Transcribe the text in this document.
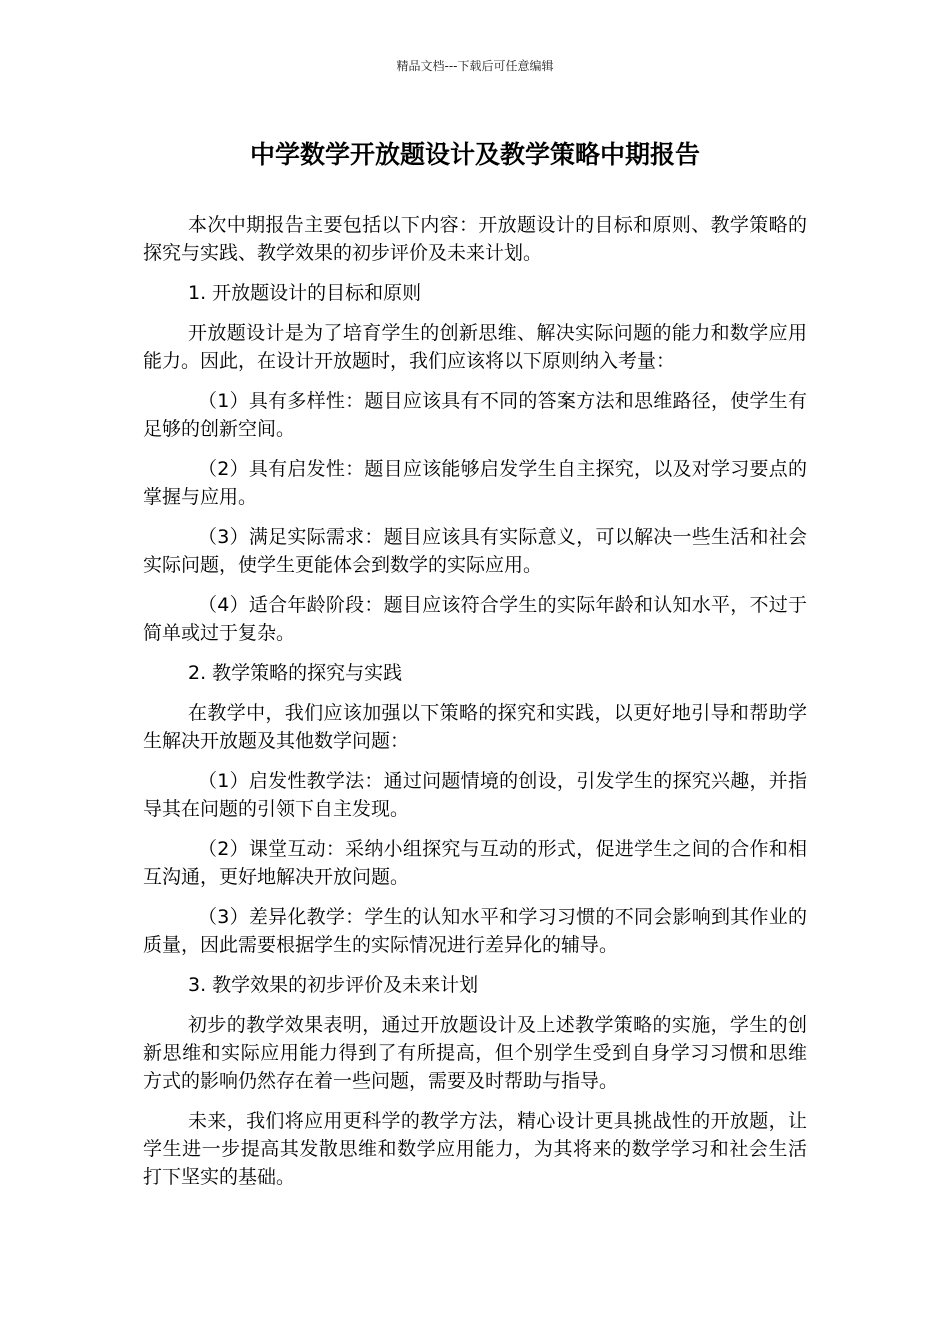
精品文档---下载后可任意编辑
中学数学开放题设计及教学策略中期报告

本次中期报告主要包括以下内容：开放题设计的目标和原则、教学策略的探究与实践、教学效果的初步评价及未来计划。

1. 开放题设计的目标和原则

开放题设计是为了培育学生的创新思维、解决实际问题的能力和数学应用能力。因此，在设计开放题时，我们应该将以下原则纳入考量：

（1）具有多样性：题目应该具有不同的答案方法和思维路径，使学生有足够的创新空间。

（2）具有启发性：题目应该能够启发学生自主探究，以及对学习要点的掌握与应用。

（3）满足实际需求：题目应该具有实际意义，可以解决一些生活和社会实际问题，使学生更能体会到数学的实际应用。

（4）适合年龄阶段：题目应该符合学生的实际年龄和认知水平，不过于简单或过于复杂。

2. 教学策略的探究与实践

在教学中，我们应该加强以下策略的探究和实践，以更好地引导和帮助学生解决开放题及其他数学问题：

（1）启发性教学法：通过问题情境的创设，引发学生的探究兴趣，并指导其在问题的引领下自主发现。

（2）课堂互动：采纳小组探究与互动的形式，促进学生之间的合作和相互沟通，更好地解决开放问题。

（3）差异化教学：学生的认知水平和学习习惯的不同会影响到其作业的质量，因此需要根据学生的实际情况进行差异化的辅导。

3. 教学效果的初步评价及未来计划

初步的教学效果表明，通过开放题设计及上述教学策略的实施，学生的创新思维和实际应用能力得到了有所提高，但个别学生受到自身学习习惯和思维方式的影响仍然存在着一些问题，需要及时帮助与指导。

未来，我们将应用更科学的教学方法，精心设计更具挑战性的开放题，让学生进一步提高其发散思维和数学应用能力，为其将来的数学学习和社会生活打下坚实的基础。
